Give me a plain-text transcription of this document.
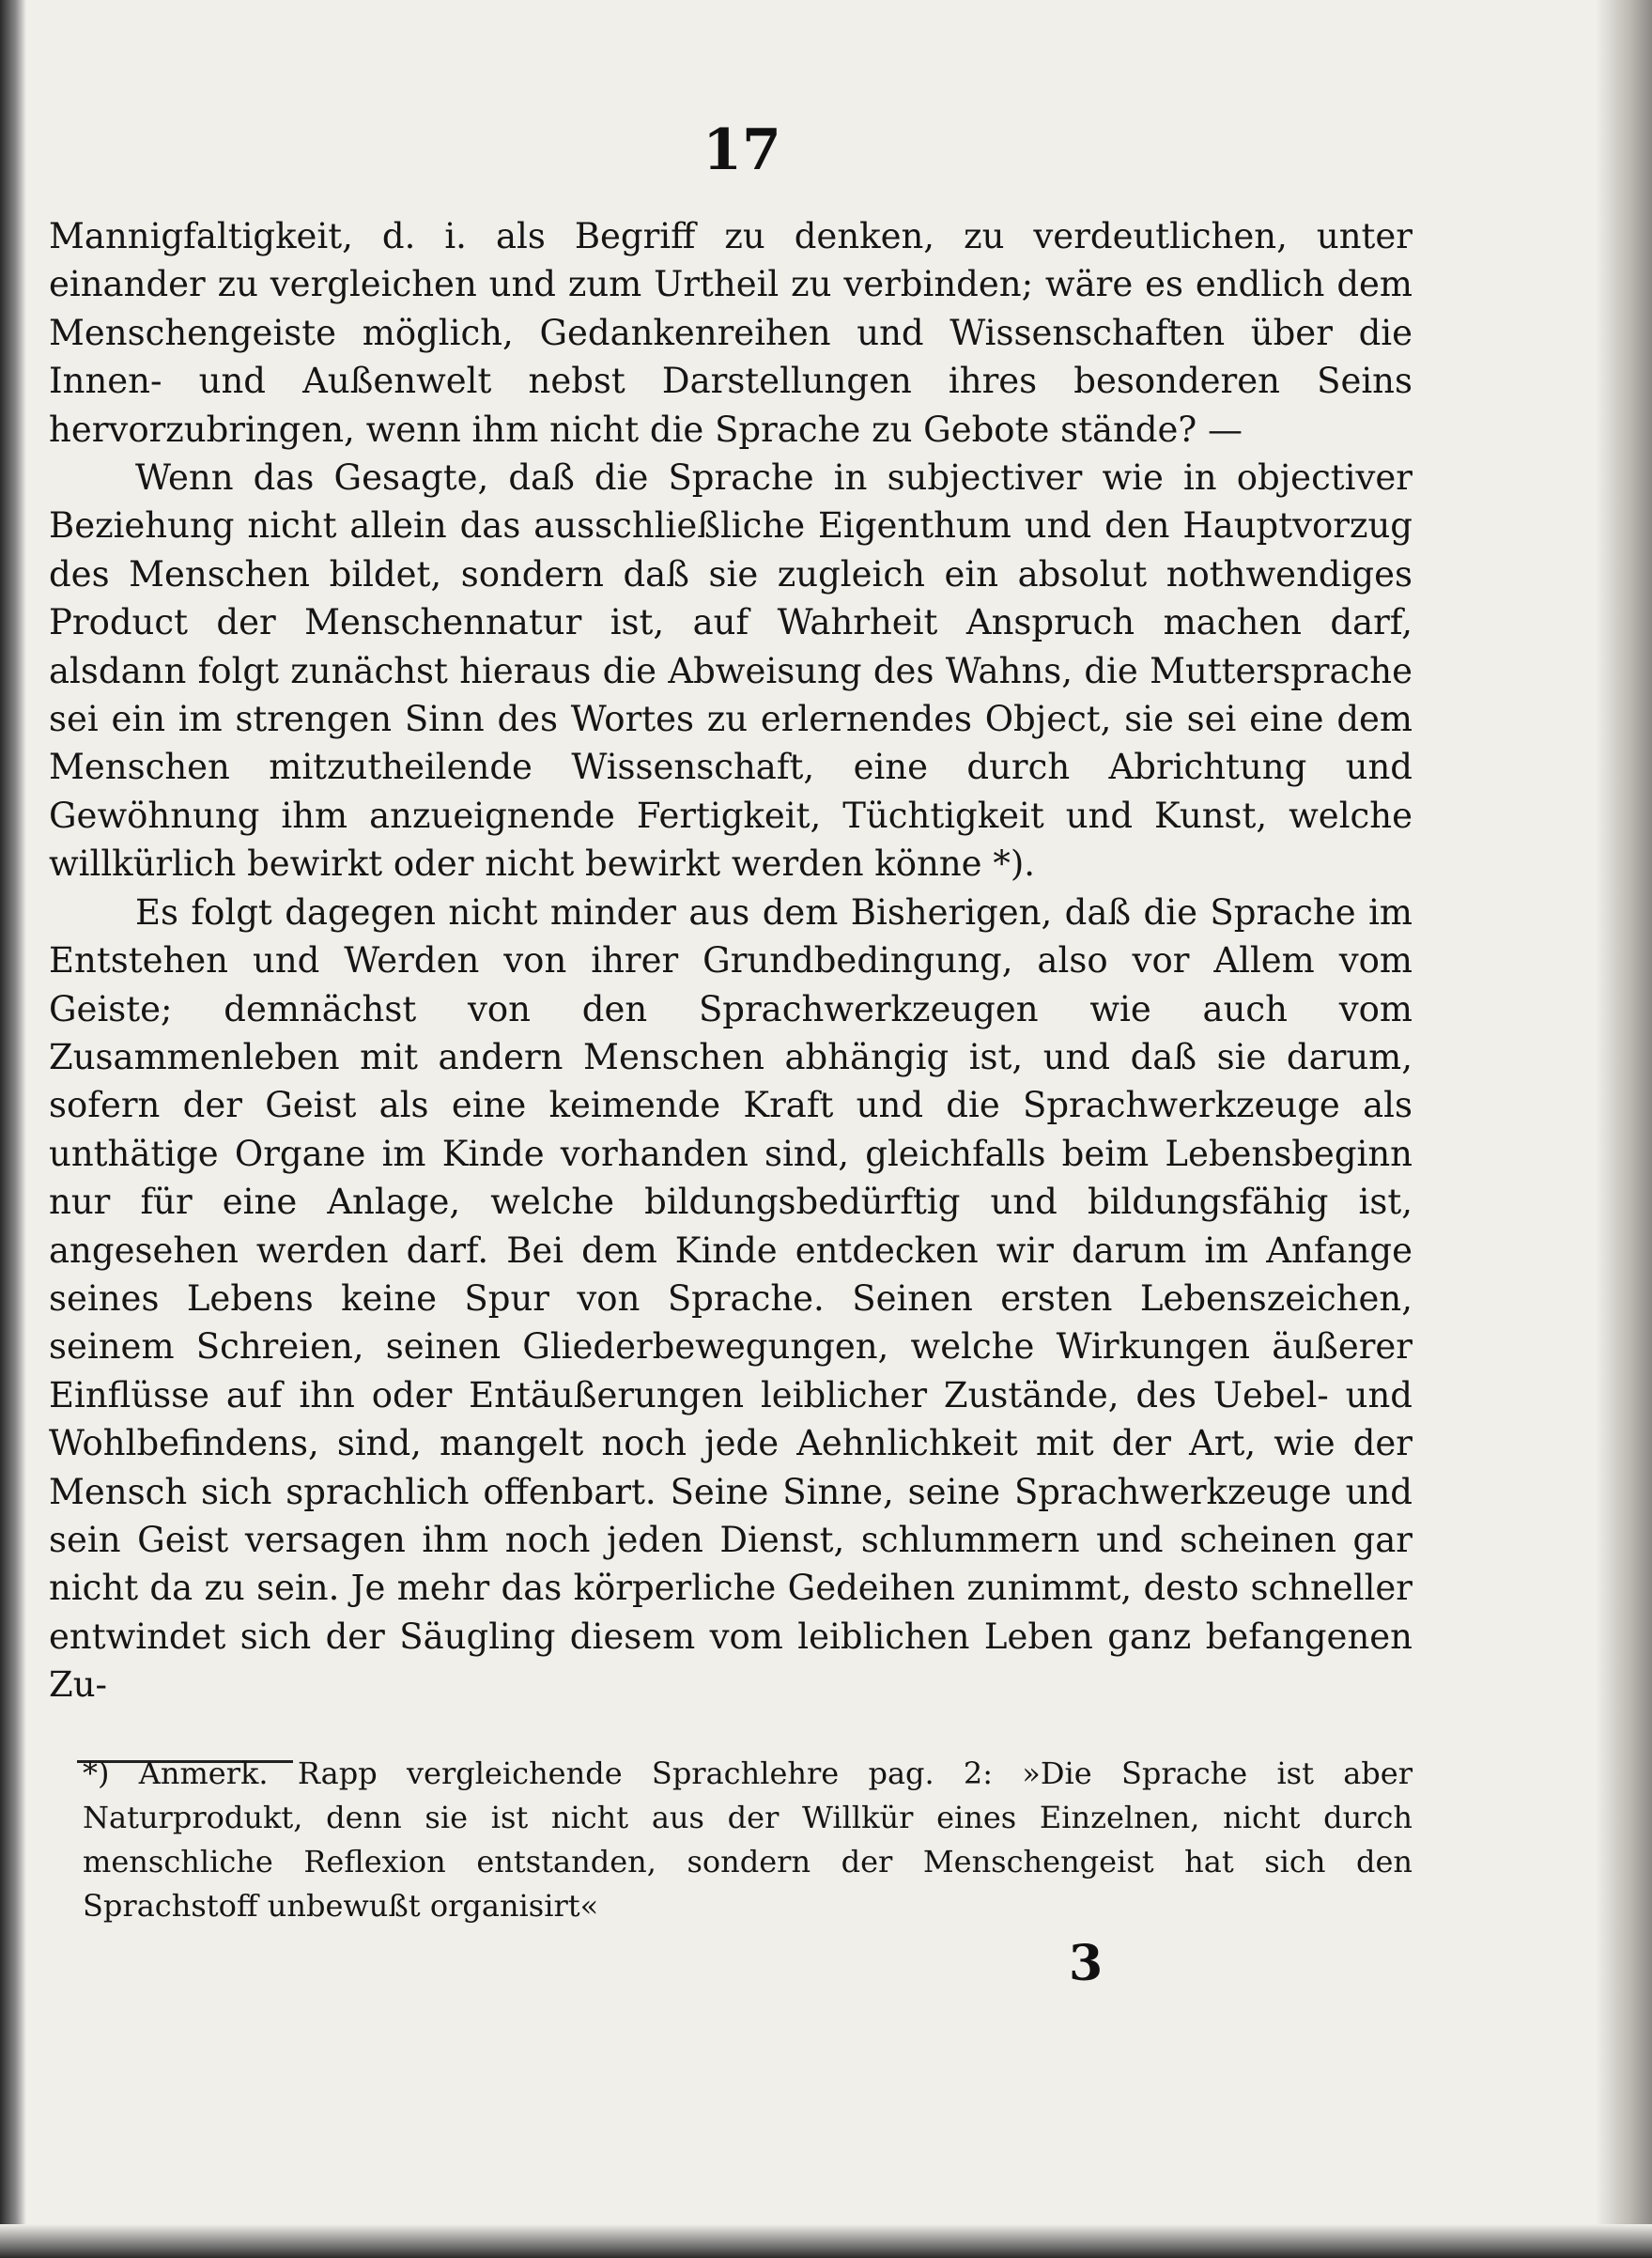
17

Mannigfaltigkeit, d. i. als Begriff zu denken, zu verdeutlichen, unter einander zu vergleichen und zum Urtheil zu verbinden; wäre es endlich dem Menschengeiste möglich, Gedankenreihen und Wissenschaften über die Innen- und Außenwelt nebst Darstellungen ihres besonderen Seins hervorzubringen, wenn ihm nicht die Sprache zu Gebote stände? —

Wenn das Gesagte, daß die Sprache in subjectiver wie in objectiver Beziehung nicht allein das ausschließliche Eigenthum und den Hauptvorzug des Menschen bildet, sondern daß sie zugleich ein absolut nothwendiges Product der Menschennatur ist, auf Wahrheit Anspruch machen darf, alsdann folgt zunächst hieraus die Abweisung des Wahns, die Muttersprache sei ein im strengen Sinn des Wortes zu erlernendes Object, sie sei eine dem Menschen mitzutheilende Wissenschaft, eine durch Abrichtung und Gewöhnung ihm anzueignende Fertigkeit, Tüchtigkeit und Kunst, welche willkürlich bewirkt oder nicht bewirkt werden könne *).

Es folgt dagegen nicht minder aus dem Bisherigen, daß die Sprache im Entstehen und Werden von ihrer Grundbedingung, also vor Allem vom Geiste; demnächst von den Sprachwerkzeugen wie auch vom Zusammenleben mit andern Menschen abhängig ist, und daß sie darum, sofern der Geist als eine keimende Kraft und die Sprachwerkzeuge als unthätige Organe im Kinde vorhanden sind, gleichfalls beim Lebensbeginn nur für eine Anlage, welche bildungsbedürftig und bildungsfähig ist, angesehen werden darf. Bei dem Kinde entdecken wir darum im Anfange seines Lebens keine Spur von Sprache. Seinen ersten Lebenszeichen, seinem Schreien, seinen Gliederbewegungen, welche Wirkungen äußerer Einflüsse auf ihn oder Entäußerungen leiblicher Zustände, des Uebel- und Wohlbefindens, sind, mangelt noch jede Aehnlichkeit mit der Art, wie der Mensch sich sprachlich offenbart. Seine Sinne, seine Sprachwerkzeuge und sein Geist versagen ihm noch jeden Dienst, schlummern und scheinen gar nicht da zu sein. Je mehr das körperliche Gedeihen zunimmt, desto schneller entwindet sich der Säugling diesem vom leiblichen Leben ganz befangenen Zu-

*) Anmerk. Rapp vergleichende Sprachlehre pag. 2: »Die Sprache ist aber Naturprodukt, denn sie ist nicht aus der Willkür eines Einzelnen, nicht durch menschliche Reflexion entstanden, sondern der Menschengeist hat sich den Sprachstoff unbewußt organisirt«
3
